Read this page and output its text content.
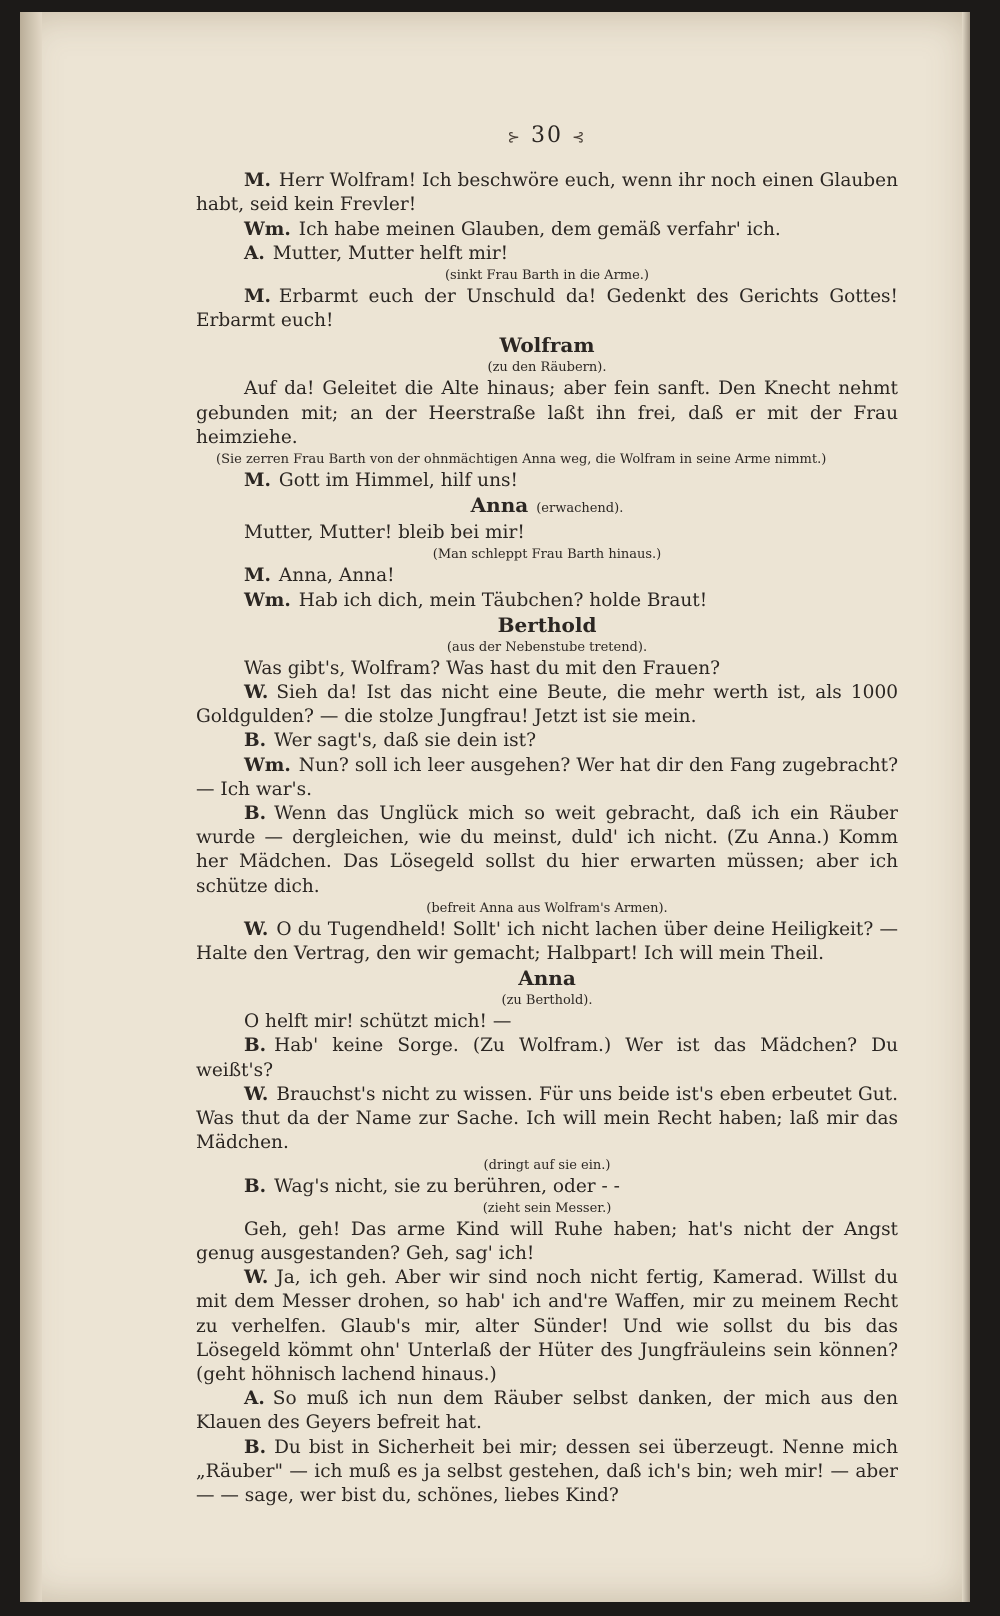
⊱ 30 ⊰

M. Herr Wolfram! Ich beschwöre euch, wenn ihr noch einen Glauben habt, seid kein Frevler!

Wm. Ich habe meinen Glauben, dem gemäß verfahr' ich.

A. Mutter, Mutter helft mir!

(sinkt Frau Barth in die Arme.)

M. Erbarmt euch der Unschuld da! Gedenkt des Gerichts Gottes! Erbarmt euch!

Wolfram

(zu den Räubern).

Auf da! Geleitet die Alte hinaus; aber fein sanft. Den Knecht nehmt gebunden mit; an der Heerstraße laßt ihn frei, daß er mit der Frau heimziehe.

(Sie zerren Frau Barth von der ohnmächtigen Anna weg, die Wolfram in seine Arme nimmt.)

M. Gott im Himmel, hilf uns!

Anna (erwachend).

Mutter, Mutter! bleib bei mir!

(Man schleppt Frau Barth hinaus.)

M. Anna, Anna!

Wm. Hab ich dich, mein Täubchen? holde Braut!

Berthold

(aus der Nebenstube tretend).

Was gibt's, Wolfram? Was hast du mit den Frauen?

W. Sieh da! Ist das nicht eine Beute, die mehr werth ist, als 1000 Goldgulden? — die stolze Jungfrau! Jetzt ist sie mein.

B. Wer sagt's, daß sie dein ist?

Wm. Nun? soll ich leer ausgehen? Wer hat dir den Fang zugebracht? — Ich war's.

B. Wenn das Unglück mich so weit gebracht, daß ich ein Räuber wurde — dergleichen, wie du meinst, duld' ich nicht. (Zu Anna.) Komm her Mädchen. Das Lösegeld sollst du hier erwarten müssen; aber ich schütze dich.

(befreit Anna aus Wolfram's Armen).

W. O du Tugendheld! Sollt' ich nicht lachen über deine Heiligkeit? — Halte den Vertrag, den wir gemacht; Halbpart! Ich will mein Theil.

Anna

(zu Berthold).

O helft mir! schützt mich! —

B. Hab' keine Sorge. (Zu Wolfram.) Wer ist das Mädchen? Du weißt's?

W. Brauchst's nicht zu wissen. Für uns beide ist's eben erbeutet Gut. Was thut da der Name zur Sache. Ich will mein Recht haben; laß mir das Mädchen.

(dringt auf sie ein.)

B. Wag's nicht, sie zu berühren, oder - -

(zieht sein Messer.)

Geh, geh! Das arme Kind will Ruhe haben; hat's nicht der Angst genug ausgestanden? Geh, sag' ich!

W. Ja, ich geh. Aber wir sind noch nicht fertig, Kamerad. Willst du mit dem Messer drohen, so hab' ich and're Waffen, mir zu meinem Recht zu verhelfen. Glaub's mir, alter Sünder! Und wie sollst du bis das Lösegeld kömmt ohn' Unterlaß der Hüter des Jungfräuleins sein können? (geht höhnisch lachend hinaus.)

A. So muß ich nun dem Räuber selbst danken, der mich aus den Klauen des Geyers befreit hat.

B. Du bist in Sicherheit bei mir; dessen sei überzeugt. Nenne mich „Räuber" — ich muß es ja selbst gestehen, daß ich's bin; weh mir! — aber — — sage, wer bist du, schönes, liebes Kind?
